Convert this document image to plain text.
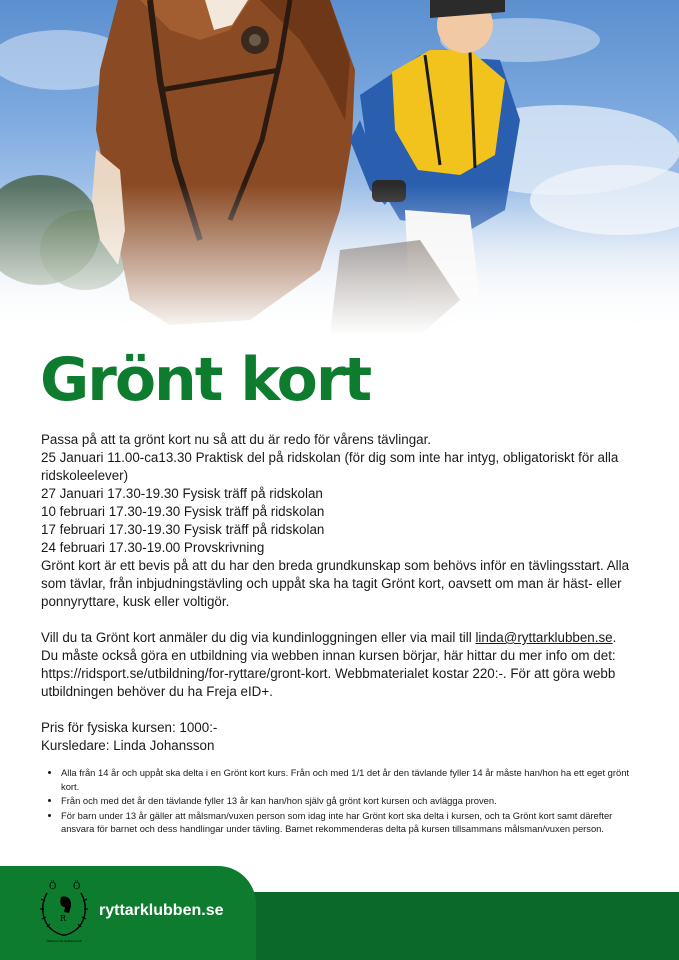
Grönt kort

Passa på att ta grönt kort nu så att du är redo för vårens tävlingar.

25 Januari 11.00-ca13.30 Praktisk del på ridskolan (för dig som inte har intyg, obligatoriskt för alla ridskoleelever)

27 Januari 17.30-19.30 Fysisk träff på ridskolan

10 februari 17.30-19.30 Fysisk träff på ridskolan

17 februari 17.30-19.30 Fysisk träff på ridskolan

24 februari 17.30-19.00 Provskrivning

Grönt kort är ett bevis på att du har den breda grundkunskap som behövs inför en tävlingsstart. Alla som tävlar, från inbjudningstävling och uppåt ska ha tagit Grönt kort, oavsett om man är häst- eller ponnyryttare, kusk eller voltigör.

Vill du ta Grönt kort anmäler du dig via kundinloggningen eller via mail till linda@ryttarklubben.se.

Du måste också göra en utbildning via webben innan kursen börjar, här hittar du mer info om det: https://ridsport.se/utbildning/for-ryttare/gront-kort. Webbmaterialet kostar 220:-. För att göra webb utbildningen behöver du ha Freja eID+.

Pris för fysiska kursen: 1000:-

Kursledare: Linda Johansson

• Alla från 14 år och uppåt ska delta i en Grönt kort kurs. Från och med 1/1 det år den tävlande fyller 14 år måste han/hon ha ett eget grönt kort.
• Från och med det år den tävlande fyller 13 år kan han/hon själv gå grönt kort kursen och avlägga proven.
• För barn under 13 år gäller att målsman/vuxen person som idag inte har Grönt kort ska delta i kursen, och ta Grönt kort samt därefter ansvara för barnet och dess handlingar under tävling. Barnet rekommenderas delta på kursen tillsammans målsman/vuxen person.
Ö Ö
R
Östersunds Ryttarklubb
ryttarklubben.se
